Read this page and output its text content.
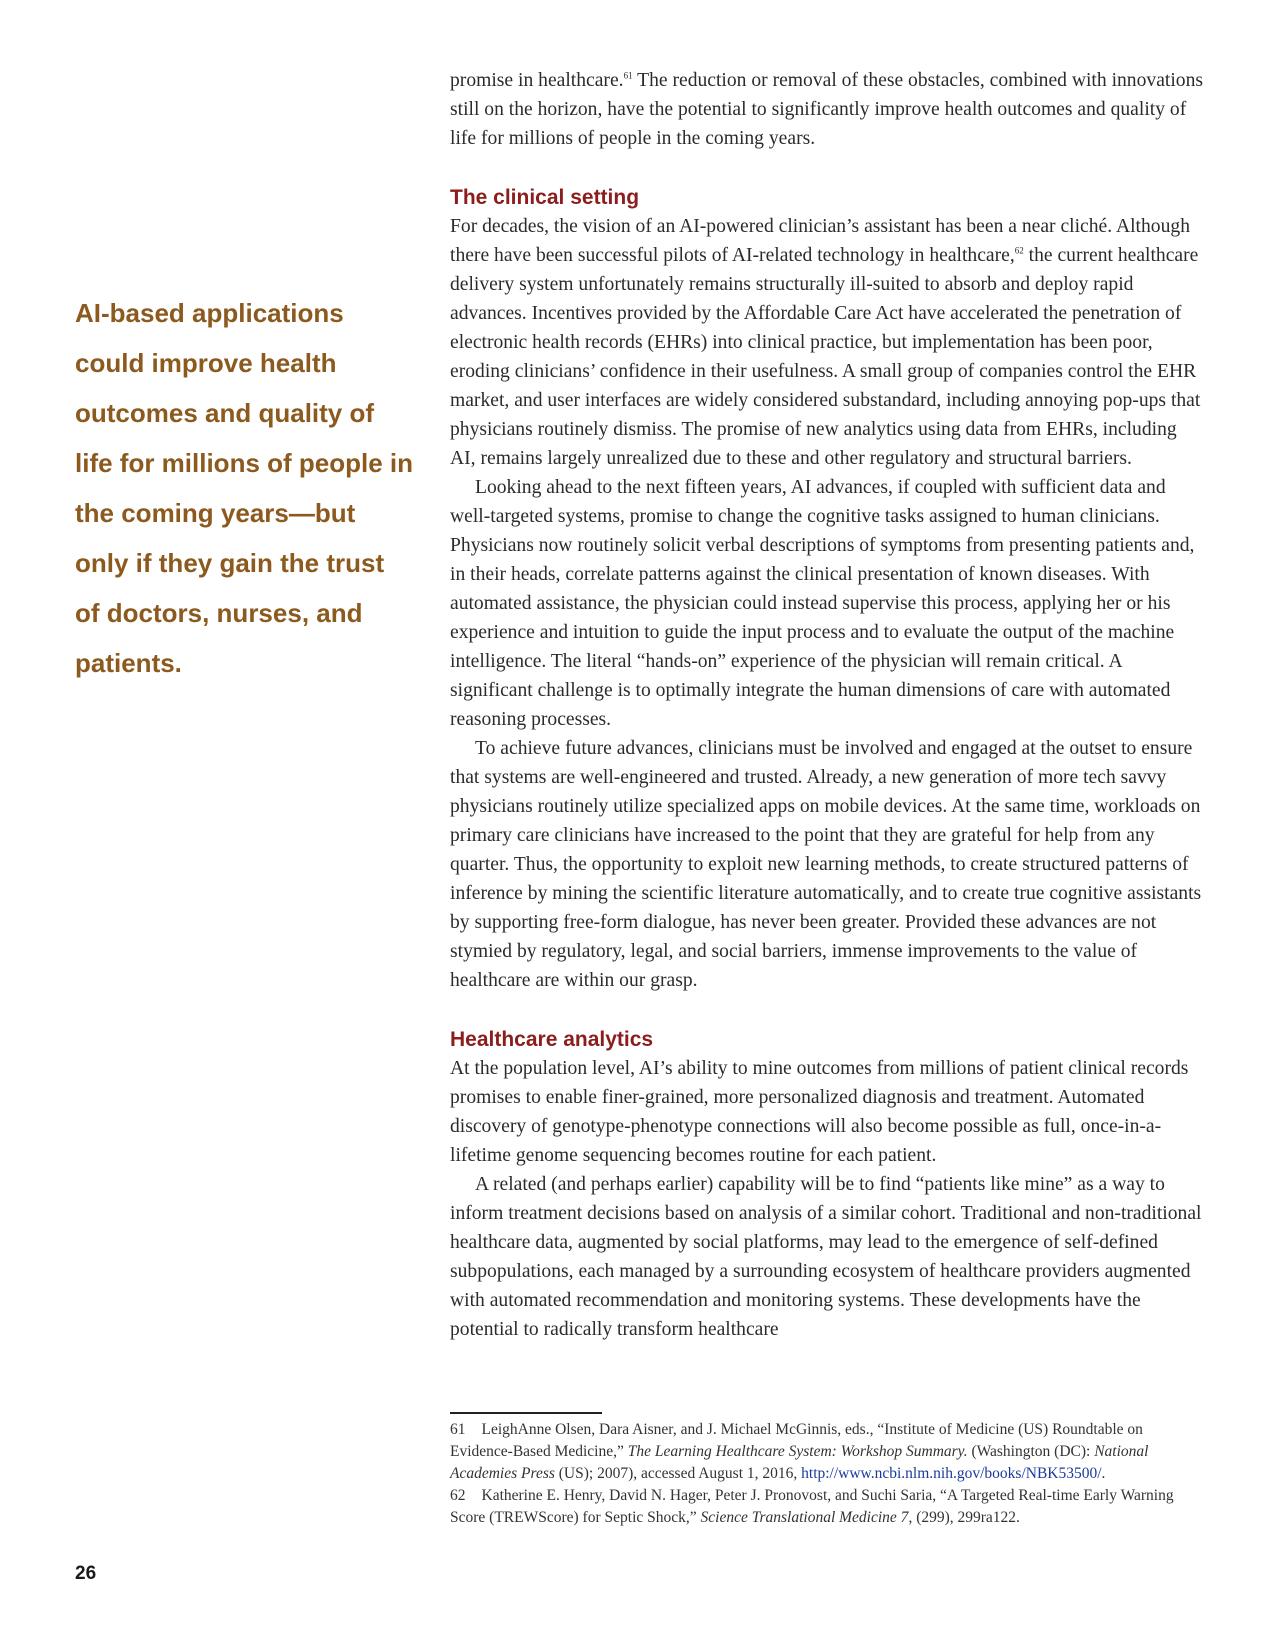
AI-based applications could improve health outcomes and quality of life for millions of people in the coming years—but only if they gain the trust of doctors, nurses, and patients.

promise in healthcare.$^{61}$ The reduction or removal of these obstacles, combined with innovations still on the horizon, have the potential to significantly improve health outcomes and quality of life for millions of people in the coming years.

The clinical setting

For decades, the vision of an AI-powered clinician’s assistant has been a near cliché. Although there have been successful pilots of AI-related technology in healthcare,$^{62}$ the current healthcare delivery system unfortunately remains structurally ill-suited to absorb and deploy rapid advances. Incentives provided by the Affordable Care Act have accelerated the penetration of electronic health records (EHRs) into clinical practice, but implementation has been poor, eroding clinicians’ confidence in their usefulness. A small group of companies control the EHR market, and user interfaces are widely considered substandard, including annoying pop-ups that physicians routinely dismiss. The promise of new analytics using data from EHRs, including AI, remains largely unrealized due to these and other regulatory and structural barriers.

Looking ahead to the next fifteen years, AI advances, if coupled with sufficient data and well-targeted systems, promise to change the cognitive tasks assigned to human clinicians. Physicians now routinely solicit verbal descriptions of symptoms from presenting patients and, in their heads, correlate patterns against the clinical presentation of known diseases. With automated assistance, the physician could instead supervise this process, applying her or his experience and intuition to guide the input process and to evaluate the output of the machine intelligence. The literal “hands-on” experience of the physician will remain critical. A significant challenge is to optimally integrate the human dimensions of care with automated reasoning processes.

To achieve future advances, clinicians must be involved and engaged at the outset to ensure that systems are well-engineered and trusted. Already, a new generation of more tech savvy physicians routinely utilize specialized apps on mobile devices. At the same time, workloads on primary care clinicians have increased to the point that they are grateful for help from any quarter. Thus, the opportunity to exploit new learning methods, to create structured patterns of inference by mining the scientific literature automatically, and to create true cognitive assistants by supporting free-form dialogue, has never been greater. Provided these advances are not stymied by regulatory, legal, and social barriers, immense improvements to the value of healthcare are within our grasp.

Healthcare analytics

At the population level, AI’s ability to mine outcomes from millions of patient clinical records promises to enable finer-grained, more personalized diagnosis and treatment. Automated discovery of genotype-phenotype connections will also become possible as full, once-in-a-lifetime genome sequencing becomes routine for each patient.

A related (and perhaps earlier) capability will be to find “patients like mine” as a way to inform treatment decisions based on analysis of a similar cohort. Traditional and non-traditional healthcare data, augmented by social platforms, may lead to the emergence of self-defined subpopulations, each managed by a surrounding ecosystem of healthcare providers augmented with automated recommendation and monitoring systems. These developments have the potential to radically transform healthcare

61 LeighAnne Olsen, Dara Aisner, and J. Michael McGinnis, eds., “Institute of Medicine (US) Roundtable on Evidence-Based Medicine,” The Learning Healthcare System: Workshop Summary. (Washington (DC): National Academies Press (US); 2007), accessed August 1, 2016, http://www.ncbi.nlm.nih.gov/books/NBK53500/.

62 Katherine E. Henry, David N. Hager, Peter J. Pronovost, and Suchi Saria, “A Targeted Real-time Early Warning Score (TREWScore) for Septic Shock,” Science Translational Medicine 7, (299), 299ra122.

26
